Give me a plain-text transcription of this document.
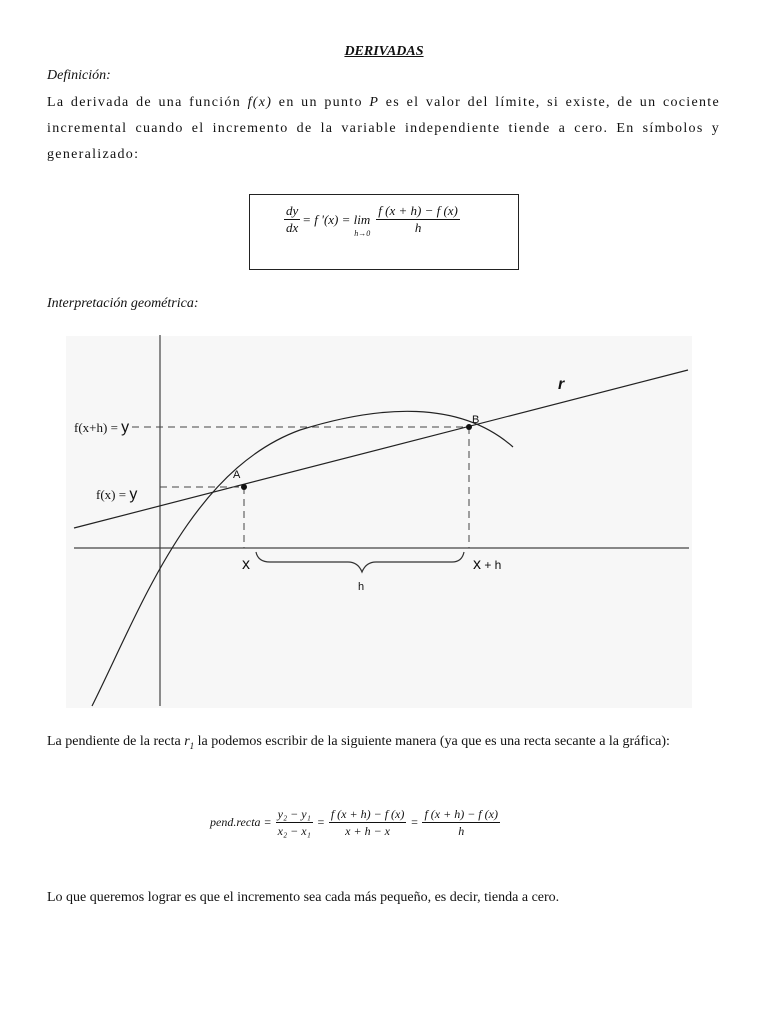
DERIVADAS
Definición:
La derivada de una función f(x) en un punto P es el valor del límite, si existe, de un cociente incremental cuando el incremento de la variable independiente tiende a cero. En símbolos y generalizado:
$\frac{dy}{dx} = f$ '(x) = lim
$h\to 0 \frac{f (x + h) - f (x)}{h}$
Interpretación geométrica:
r
f(x+h) = y
f(x) = y
A
B
x	x + h
h
La pendiente de la recta $r_1$ la podemos escribir de la siguiente manera (ya que es una recta secante a la gráfica):
pend.recta = $\frac{\text{y₂ − y₁}}{\text{x₂ − x₁}} = \frac{f (x + h) - f (x)}{x + h - x} = \frac{f (x + h) - f (x)}{h}$
Lo que queremos lograr es que el incremento sea cada más pequeño, es decir, tienda a cero.
